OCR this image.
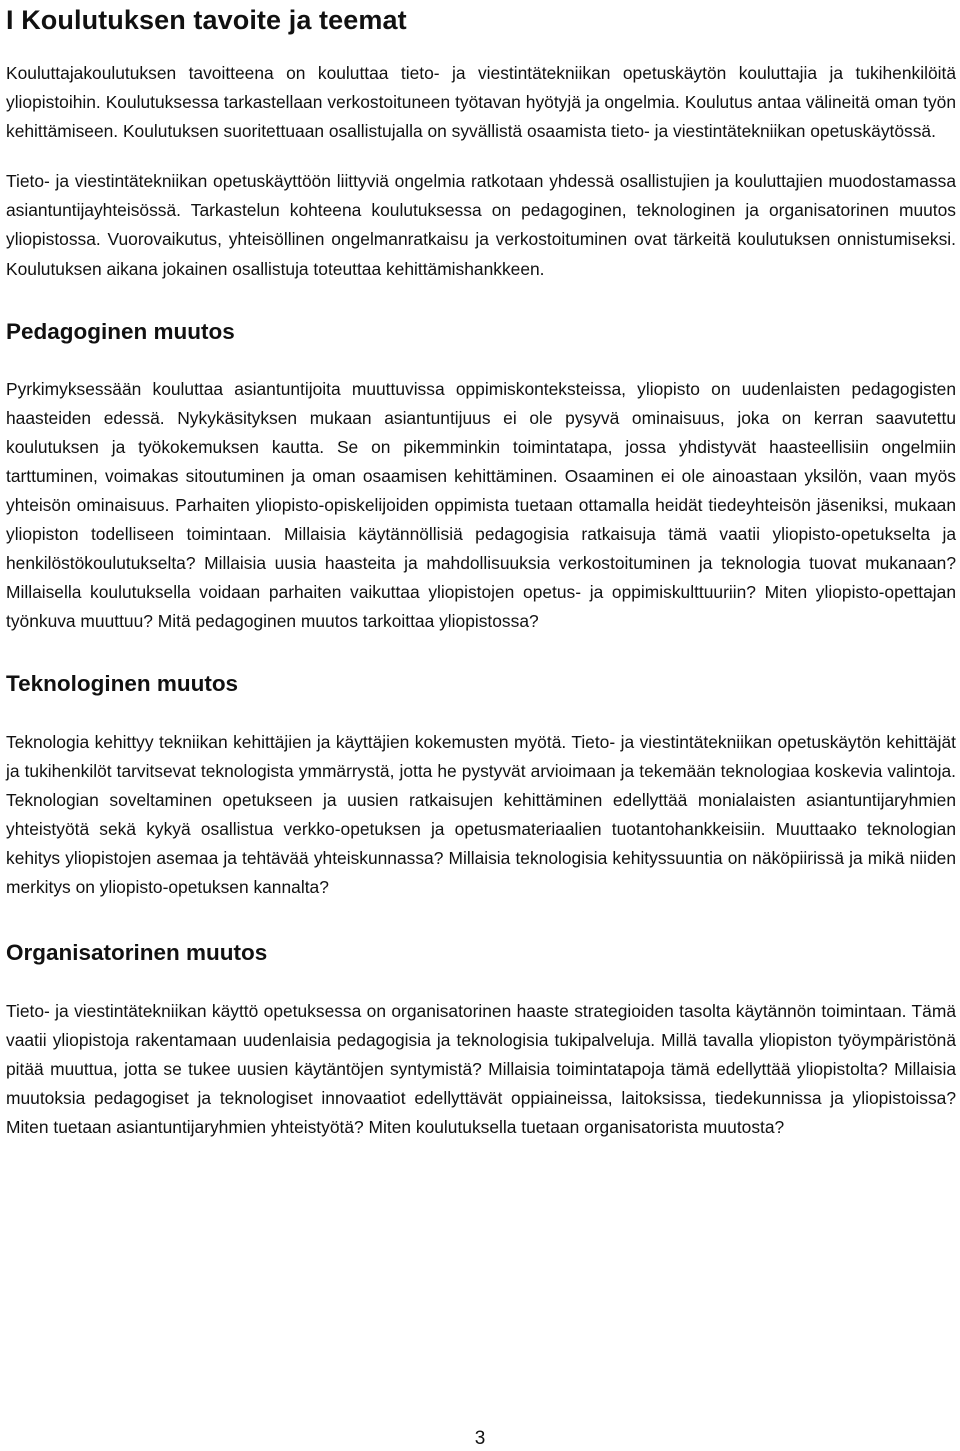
I Koulutuksen tavoite ja teemat

Kouluttajakoulutuksen tavoitteena on kouluttaa tieto- ja viestintätekniikan opetuskäytön kouluttajia ja tukihenkilöitä yliopistoihin. Koulutuksessa tarkastellaan verkostoituneen työtavan hyötyjä ja ongelmia. Koulutus antaa välineitä oman työn kehittämiseen. Koulutuksen suoritettuaan osallistujalla on syvällistä osaamista tieto- ja viestintätekniikan opetuskäytössä.

Tieto- ja viestintätekniikan opetuskäyttöön liittyviä ongelmia ratkotaan yhdessä osallistujien ja kouluttajien muodostamassa asiantuntijayhteisössä. Tarkastelun kohteena koulutuksessa on pedagoginen, teknologinen ja organisatorinen muutos yliopistossa. Vuorovaikutus, yhteisöllinen ongelmanratkaisu ja verkostoituminen ovat tärkeitä koulutuksen onnistumiseksi. Koulutuksen aikana jokainen osallistuja toteuttaa kehittämishankkeen.

Pedagoginen muutos

Pyrkimyksessään kouluttaa asiantuntijoita muuttuvissa oppimiskonteksteissa, yliopisto on uudenlaisten pedagogisten haasteiden edessä. Nykykäsityksen mukaan asiantuntijuus ei ole pysyvä ominaisuus, joka on kerran saavutettu koulutuksen ja työkokemuksen kautta. Se on pikemminkin toimintatapa, jossa yhdistyvät haasteellisiin ongelmiin tarttuminen, voimakas sitoutuminen ja oman osaamisen kehittäminen. Osaaminen ei ole ainoastaan yksilön, vaan myös yhteisön ominaisuus. Parhaiten yliopisto-opiskelijoiden oppimista tuetaan ottamalla heidät tiedeyhteisön jäseniksi, mukaan yliopiston todelliseen toimintaan. Millaisia käytännöllisiä pedagogisia ratkaisuja tämä vaatii yliopisto-opetukselta ja henkilöstökoulutukselta? Millaisia uusia haasteita ja mahdollisuuksia verkostoituminen ja teknologia tuovat mukanaan? Millaisella koulutuksella voidaan parhaiten vaikuttaa yliopistojen opetus- ja oppimiskulttuuriin? Miten yliopisto-opettajan työnkuva muuttuu? Mitä pedagoginen muutos tarkoittaa yliopistossa?

Teknologinen muutos

Teknologia kehittyy tekniikan kehittäjien ja käyttäjien kokemusten myötä. Tieto- ja viestintätekniikan opetuskäytön kehittäjät ja tukihenkilöt tarvitsevat teknologista ymmärrystä, jotta he pystyvät arvioimaan ja tekemään teknologiaa koskevia valintoja. Teknologian soveltaminen opetukseen ja uusien ratkaisujen kehittäminen edellyttää monialaisten asiantuntijaryhmien yhteistyötä sekä kykyä osallistua verkko-opetuksen ja opetusmateriaalien tuotantohankkeisiin. Muuttaako teknologian kehitys yliopistojen asemaa ja tehtävää yhteiskunnassa? Millaisia teknologisia kehityssuuntia on näköpiirissä ja mikä niiden merkitys on yliopisto-opetuksen kannalta?

Organisatorinen muutos

Tieto- ja viestintätekniikan käyttö opetuksessa on organisatorinen haaste strategioiden tasolta käytännön toimintaan. Tämä vaatii yliopistoja rakentamaan uudenlaisia pedagogisia ja teknologisia tukipalveluja. Millä tavalla yliopiston työympäristönä pitää muuttua, jotta se tukee uusien käytäntöjen syntymistä? Millaisia toimintatapoja tämä edellyttää yliopistolta? Millaisia muutoksia pedagogiset ja teknologiset innovaatiot edellyttävät oppiaineissa, laitoksissa, tiedekunnissa ja yliopistoissa? Miten tuetaan asiantuntijaryhmien yhteistyötä? Miten koulutuksella tuetaan organisatorista muutosta?

3
